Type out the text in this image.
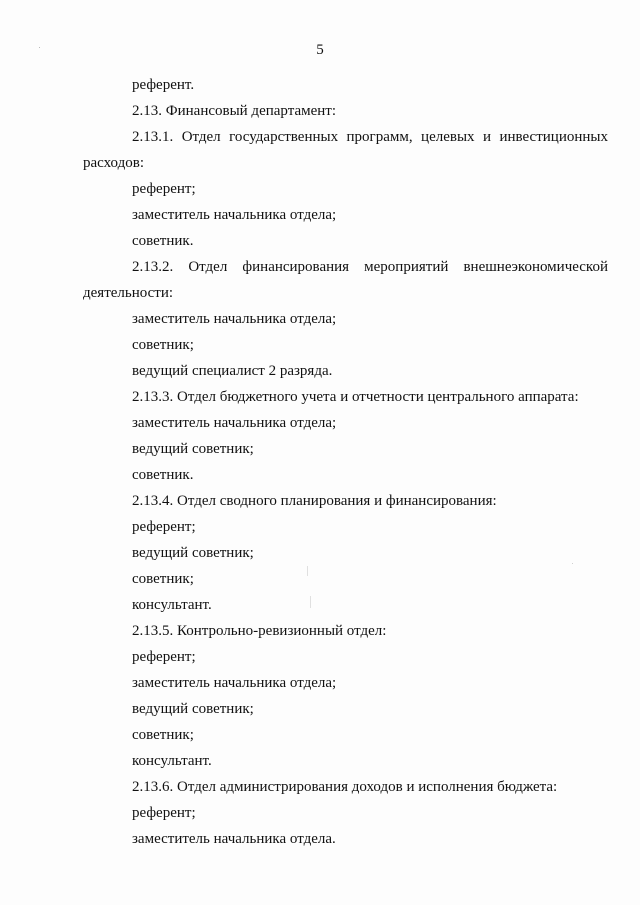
5
референт.
2.13. Финансовый департамент:
2.13.1. Отдел государственных программ, целевых и инвестиционных
расходов:
референт;
заместитель начальника отдела;
советник.
2.13.2. Отдел финансирования мероприятий внешнеэкономической
деятельности:
заместитель начальника отдела;
советник;
ведущий специалист 2 разряда.
2.13.3. Отдел бюджетного учета и отчетности центрального аппарата:
заместитель начальника отдела;
ведущий советник;
советник.
2.13.4. Отдел сводного планирования и финансирования:
референт;
ведущий советник;
советник;
консультант.
2.13.5. Контрольно-ревизионный отдел:
референт;
заместитель начальника отдела;
ведущий советник;
советник;
консультант.
2.13.6. Отдел администрирования доходов и исполнения бюджета:
референт;
заместитель начальника отдела.
